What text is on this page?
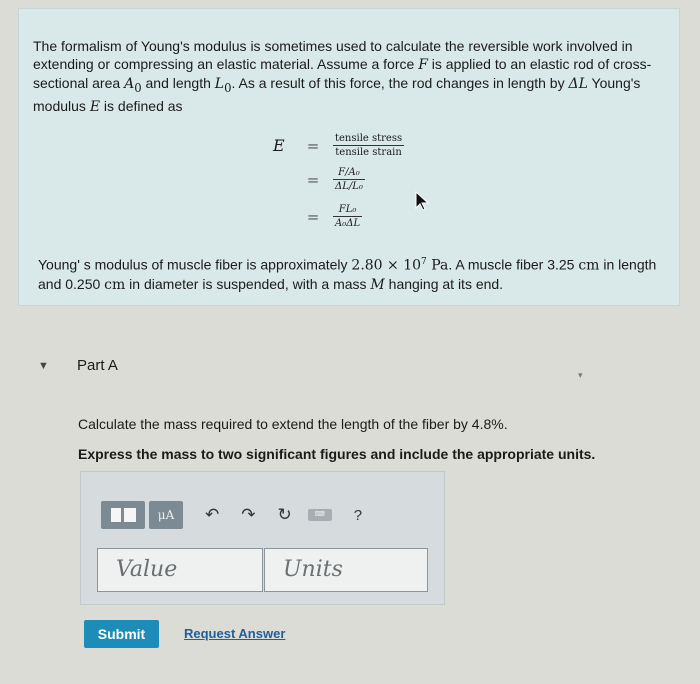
The formalism of Young's modulus is sometimes used to calculate the reversible work involved in extending or compressing an elastic material. Assume a force F is applied to an elastic rod of cross-sectional area $A_0$ and length $L_0$. As a result of this force, the rod changes in length by ΔL Young's modulus E is defined as

E	=	$\frac{\text{tensile stress}}{\text{tensile strain}}$
=	$\frac{\text{F/A₀}}{\text{ΔL/L₀}}$
=	$\frac{\text{FL₀}}{\text{A₀ΔL}}$

Young' s modulus of muscle fiber is approximately $2.80 \times 10^7$ Pa. A muscle fiber 3.25 cm in length and 0.250 cm in diameter is suspended, with a mass M hanging at its end.

▼ Part A
▾

Calculate the mass required to extend the length of the fiber by 4.8%.

Express the mass to two significant figures and include the appropriate units.

μA	↶ ↷ ↻	⌨	?
Value	Units
Submit	Request Answer
